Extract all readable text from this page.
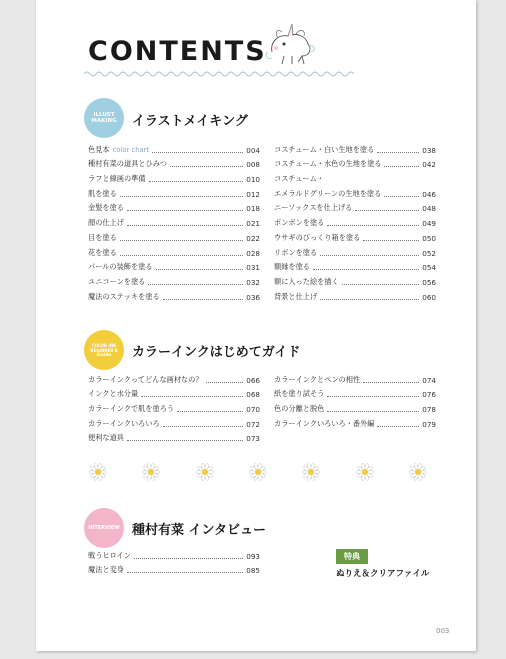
CONTENTS
ILLUST
MAKING イラストメイキング
色見本 color chart	004
種村有菜の道具とひみつ	008
ラフと線画の準備	010
肌を塗る	012
金髪を塗る	018
顔の仕上げ	021
目を塗る	022
花を塗る	028
パールの装飾を塗る	031
ユニコーンを塗る	032
魔法のステッキを塗る	036
コスチューム・白い生地を塗る	038
コスチューム・水色の生地を塗る	042
コスチューム・
エメラルドグリーンの生地を塗る	046
ニーソックスを仕上げる	048
ボンボンを塗る	049
ウサギのびっくり箱を塗る	050
リボンを塗る	052
額縁を塗る	054
額に入った絵を描く	056
背景と仕上げ	060
COLOR INK
BEGINNER'S
Guide カラーインクはじめてガイド
カラーインクってどんな画材なの？	066
インクと水分量	068
カラーインクで肌を塗ろう	070
カラーインクいろいろ	072
便利な道具	073
カラーインクとペンの相性	074
紙を塗り試そう	076
色の分離と脱色	078
カラーインクいろいろ・番外編	079
INTERVIEW 種村有菜 インタビュー
戦うヒロイン	093
魔法と変身	085
特典
ぬりえ＆クリアファイル
003
